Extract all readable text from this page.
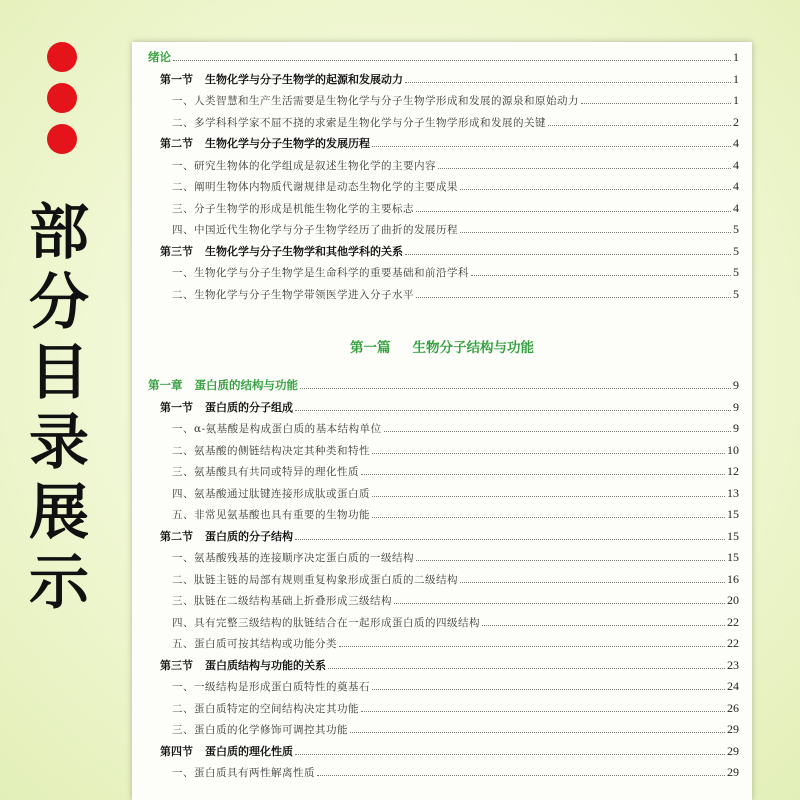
部
分
目
录
展
示
绪论	1
第一节 生物化学与分子生物学的起源和发展动力	1
一、人类智慧和生产生活需要是生物化学与分子生物学形成和发展的源泉和原始动力	1
二、多学科科学家不屈不挠的求索是生物化学与分子生物学形成和发展的关键	2
第二节 生物化学与分子生物学的发展历程	4
一、研究生物体的化学组成是叙述生物化学的主要内容	4
二、阐明生物体内物质代谢规律是动态生物化学的主要成果	4
三、分子生物学的形成是机能生物化学的主要标志	4
四、中国近代生物化学与分子生物学经历了曲折的发展历程	5
第三节 生物化学与分子生物学和其他学科的关系	5
一、生物化学与分子生物学是生命科学的重要基础和前沿学科	5
二、生物化学与分子生物学带领医学进入分子水平	5
第一章 蛋白质的结构与功能	9
第一节 蛋白质的分子组成	9
一、α-氨基酸是构成蛋白质的基本结构单位	9
二、氨基酸的侧链结构决定其种类和特性	10
三、氨基酸具有共同或特异的理化性质	12
四、氨基酸通过肽键连接形成肽或蛋白质	13
五、非常见氨基酸也具有重要的生物功能	15
第二节 蛋白质的分子结构	15
一、氨基酸残基的连接顺序决定蛋白质的一级结构	15
二、肽链主链的局部有规则重复构象形成蛋白质的二级结构	16
三、肽链在二级结构基础上折叠形成三级结构	20
四、具有完整三级结构的肽链结合在一起形成蛋白质的四级结构	22
五、蛋白质可按其结构或功能分类	22
第三节 蛋白质结构与功能的关系	23
一、一级结构是形成蛋白质特性的奠基石	24
二、蛋白质特定的空间结构决定其功能	26
三、蛋白质的化学修饰可调控其功能	29
第四节 蛋白质的理化性质	29
一、蛋白质具有两性解离性质	29
第一篇 生物分子结构与功能
